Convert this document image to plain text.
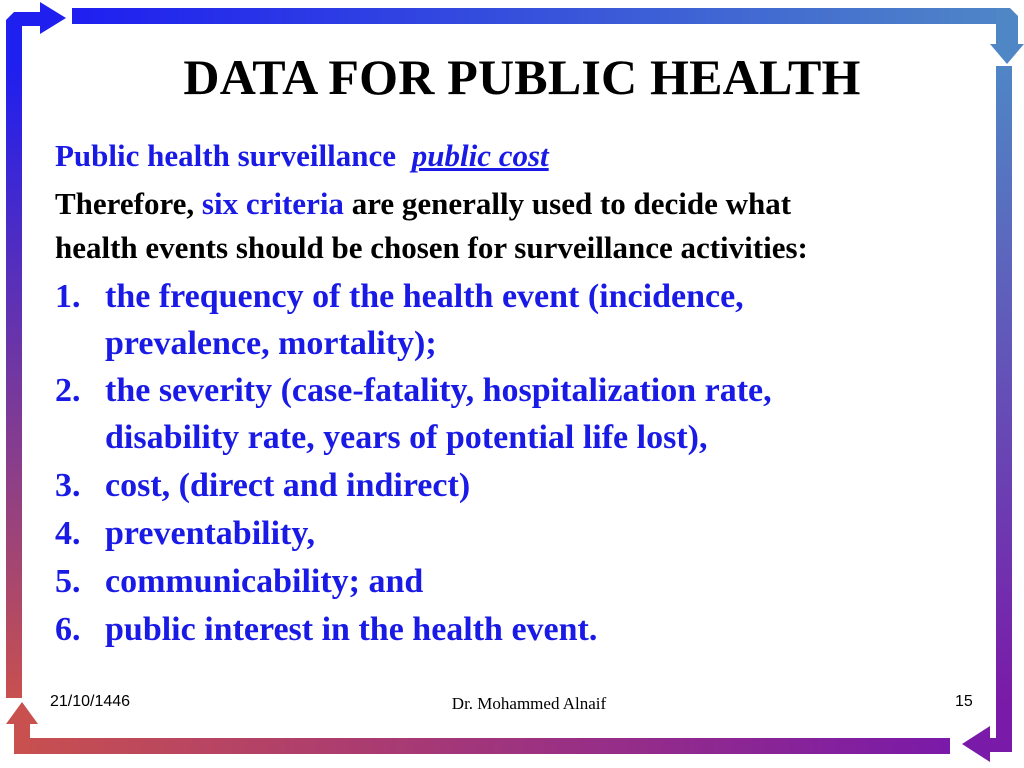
DATA FOR PUBLIC HEALTH
Public health surveillance public cost
Therefore, six criteria are generally used to decide what
health events should be chosen for surveillance activities:
1. the frequency of the health event (incidence,
prevalence, mortality);
2. the severity (case-fatality, hospitalization rate,
disability rate, years of potential life lost),
3. cost, (direct and indirect)
4. preventability,
5. communicability; and
6. public interest in the health event.
21/10/1446	Dr. Mohammed Alnaif	15
